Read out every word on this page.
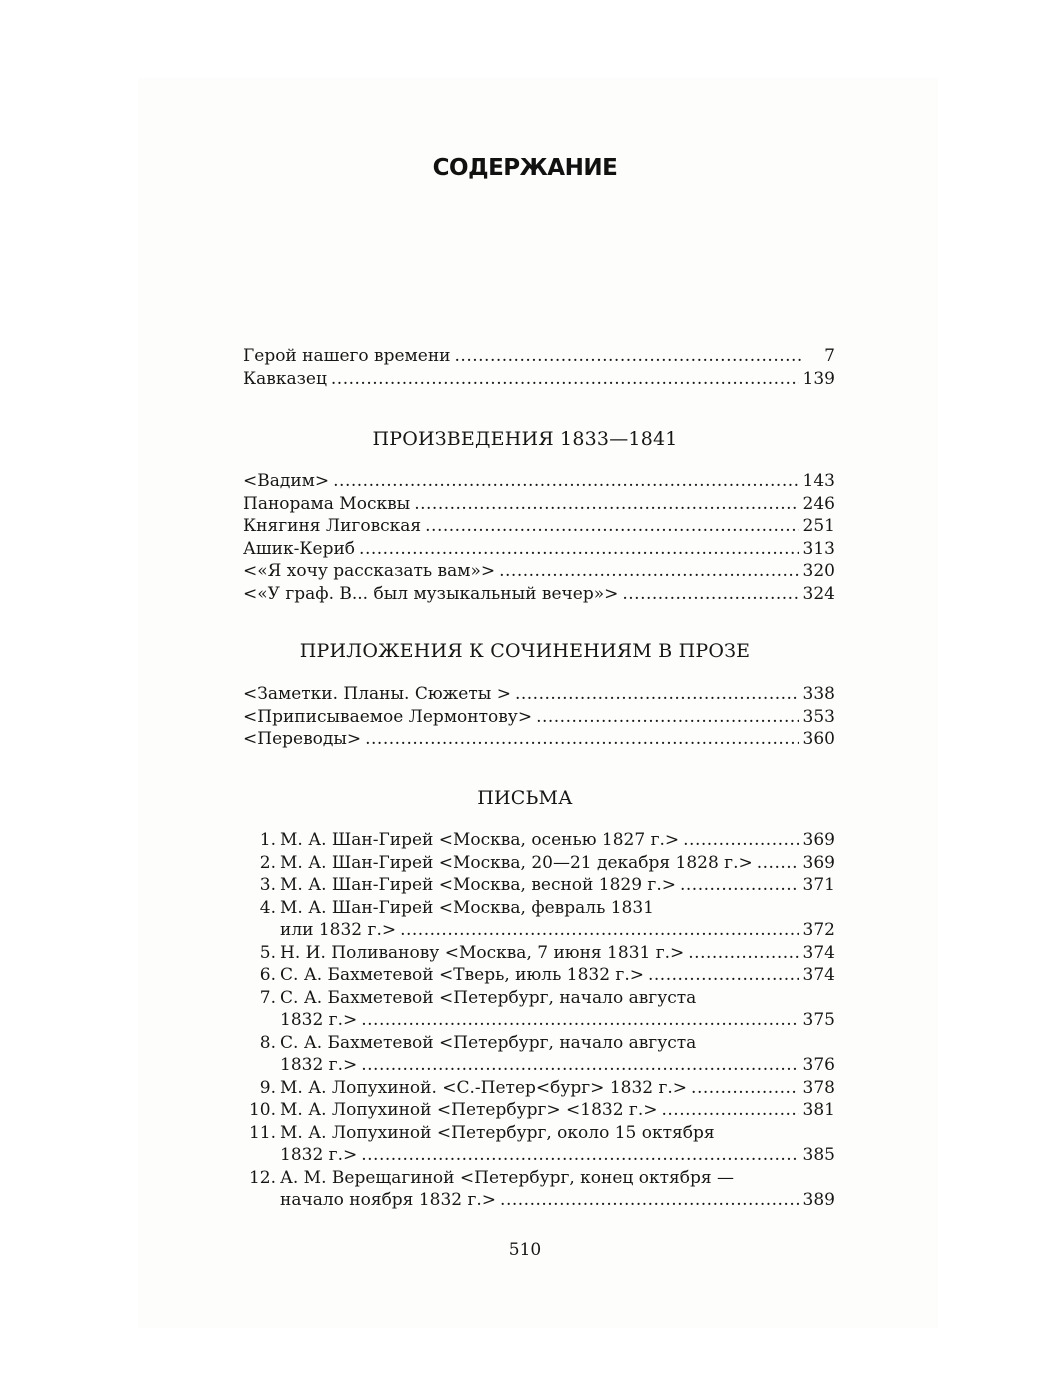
СОДЕРЖАНИЕ
Герой нашего времени .....	7
Кавказец .....	139
ПРОИЗВЕДЕНИЯ 1833—1841
<Вадим> .....	143
Панорама Москвы .....	246
Княгиня Лиговская .....	251
Ашик-Кериб .....	313
<«Я хочу рассказать вам»> .....	320
<«У граф. В... был музыкальный вечер»> .....	324
ПРИЛОЖЕНИЯ К СОЧИНЕНИЯМ В ПРОЗЕ
<Заметки. Планы. Сюжеты > .....	338
<Приписываемое Лермонтову> .....	353
<Переводы> .....	360
ПИСЬМА
1. М. А. Шан-Гирей <Москва, осенью 1827 г.> .....	369
2. М. А. Шан-Гирей <Москва, 20—21 декабря 1828 г.> .....	369
3. М. А. Шан-Гирей <Москва, весной 1829 г.> .....	371
4. М. А. Шан-Гирей <Москва, февраль 1831
или 1832 г.> .....	372
5. Н. И. Поливанову <Москва, 7 июня 1831 г.> .....	374
6. С. А. Бахметевой <Тверь, июль 1832 г.> .....	374
7. С. А. Бахметевой <Петербург, начало августа
1832 г.> .....	375
8. С. А. Бахметевой <Петербург, начало августа
1832 г.> .....	376
9. М. А. Лопухиной. <С.-Петер<бург> 1832 г.> .....	378
10. М. А. Лопухиной <Петербург> <1832 г.> .....	381
11. М. А. Лопухиной <Петербург, около 15 октября
1832 г.> .....	385
12. А. М. Верещагиной <Петербург, конец октября —
начало ноября 1832 г.> .....	389
510
